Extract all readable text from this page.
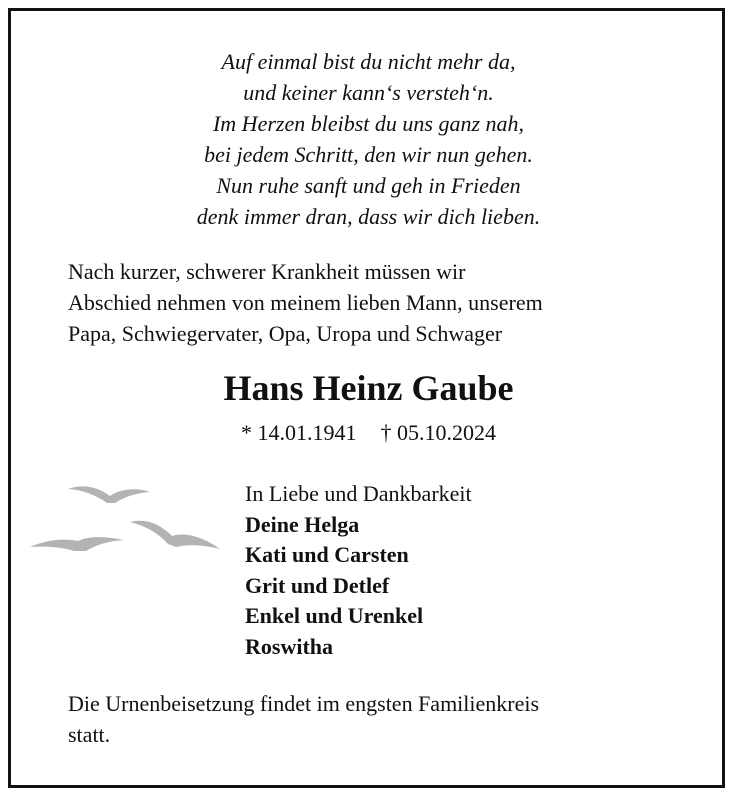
Auf einmal bist du nicht mehr da,
und keiner kann‘s versteh‘n.
Im Herzen bleibst du uns ganz nah,
bei jedem Schritt, den wir nun gehen.
Nun ruhe sanft und geh in Frieden
denk immer dran, dass wir dich lieben.
Nach kurzer, schwerer Krankheit müssen wir
Abschied nehmen von meinem lieben Mann, unserem
Papa, Schwiegervater, Opa, Uropa und Schwager
Hans Heinz Gaube
* 14.01.1941 † 05.10.2024
In Liebe und Dankbarkeit
Deine Helga
Kati und Carsten
Grit und Detlef
Enkel und Urenkel
Roswitha
Die Urnenbeisetzung findet im engsten Familienkreis
statt.
